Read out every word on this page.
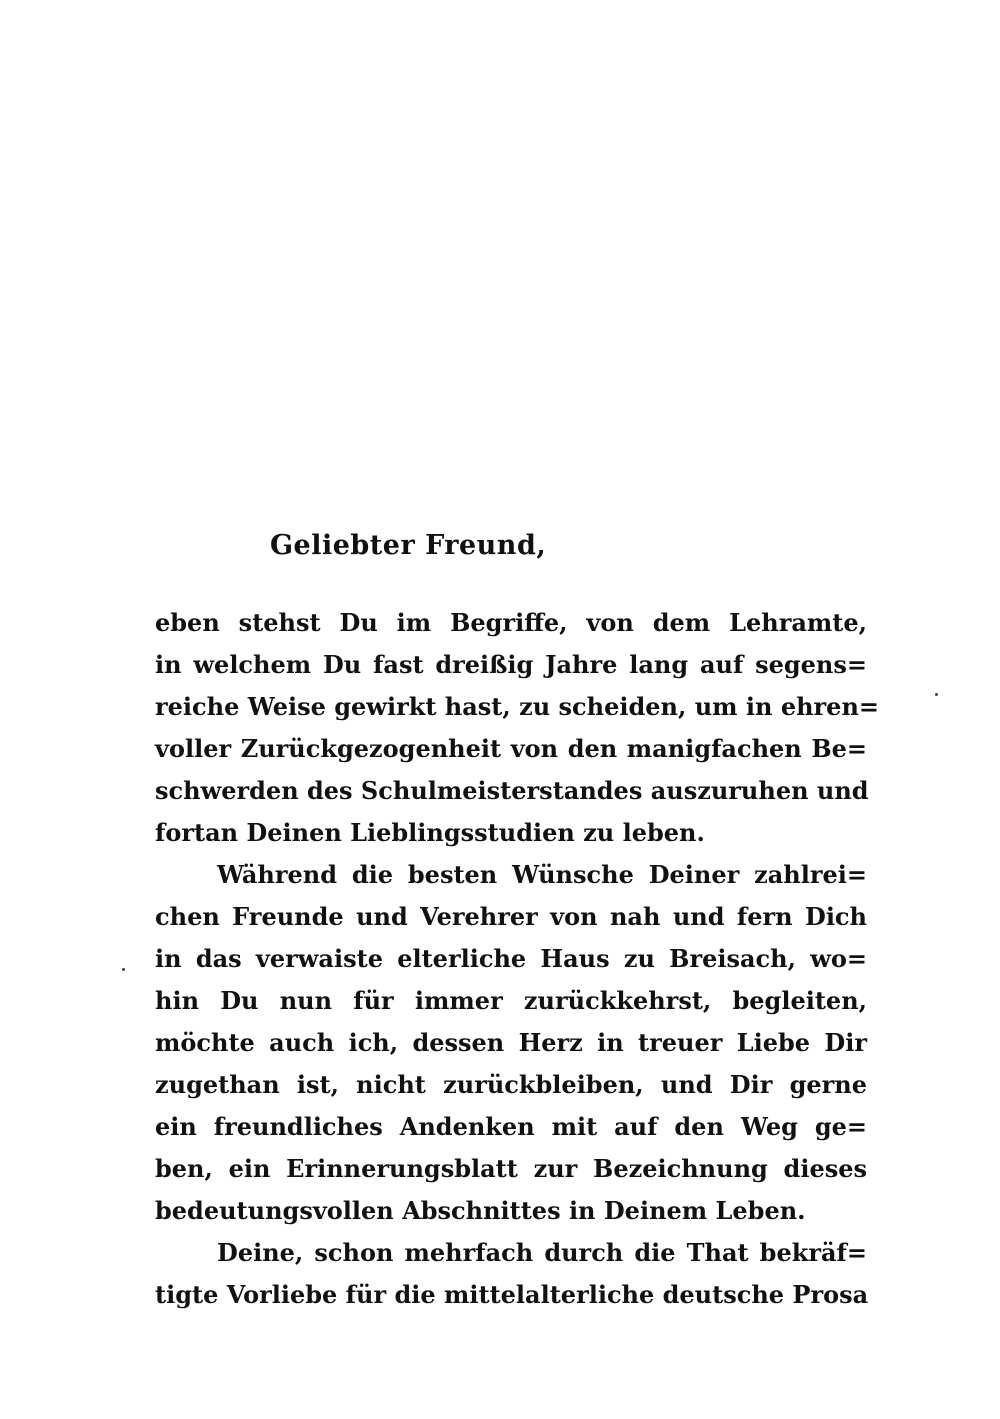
Geliebter Freund,
eben stehst Du im Begriffe, von dem Lehramte,
in welchem Du fast dreißig Jahre lang auf segens=
reiche Weise gewirkt hast, zu scheiden, um in ehren=
voller Zurückgezogenheit von den manigfachen Be=
schwerden des Schulmeisterstandes auszuruhen und
fortan Deinen Lieblingsstudien zu leben.
Während die besten Wünsche Deiner zahlrei=
chen Freunde und Verehrer von nah und fern Dich
in das verwaiste elterliche Haus zu Breisach, wo=
hin Du nun für immer zurückkehrst, begleiten,
möchte auch ich, dessen Herz in treuer Liebe Dir
zugethan ist, nicht zurückbleiben, und Dir gerne
ein freundliches Andenken mit auf den Weg ge=
ben, ein Erinnerungsblatt zur Bezeichnung dieses
bedeutungsvollen Abschnittes in Deinem Leben.
Deine, schon mehrfach durch die That bekräf=
tigte Vorliebe für die mittelalterliche deutsche Prosa
